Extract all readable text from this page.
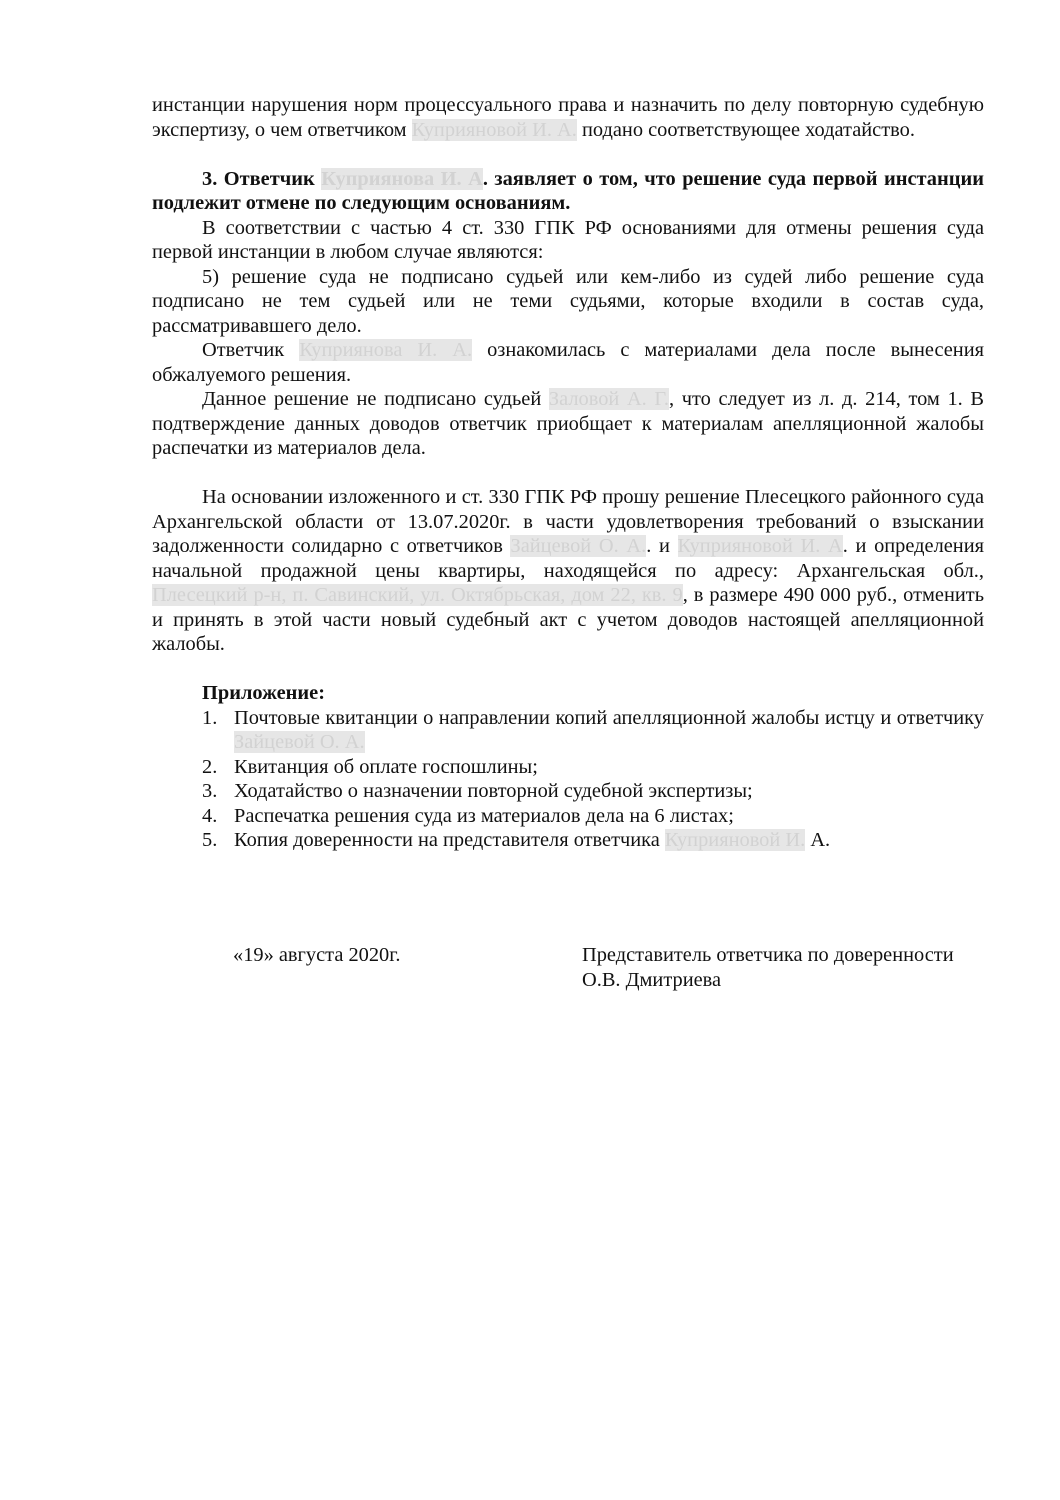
инстанции нарушения норм процессуального права и назначить по делу повторную судебную экспертизу, о чем ответчиком Куприяновой И. А. подано соответствующее ходатайство.

3. Ответчик Куприянова И. А. заявляет о том, что решение суда первой инстанции подлежит отмене по следующим основаниям.

В соответствии с частью 4 ст. 330 ГПК РФ основаниями для отмены решения суда первой инстанции в любом случае являются:

5) решение суда не подписано судьей или кем-либо из судей либо решение суда подписано не тем судьей или не теми судьями, которые входили в состав суда, рассматривавшего дело.

Ответчик Куприянова И. А. ознакомилась с материалами дела после вынесения обжалуемого решения.

Данное решение не подписано судьей Заловой А. Г., что следует из л. д. 214, том 1. В подтверждение данных доводов ответчик приобщает к материалам апелляционной жалобы распечатки из материалов дела.

На основании изложенного и ст. 330 ГПК РФ прошу решение Плесецкого районного суда Архангельской области от 13.07.2020г. в части удовлетворения требований о взыскании задолженности солидарно с ответчиков Зайцевой О. А.. и Куприяновой И. А. и определения начальной продажной цены квартиры, находящейся по адресу: Архангельская обл., Плесецкий р-н, п. Савинский, ул. Октябрьская, дом 22, кв. 9, в размере 490 000 руб., отменить и принять в этой части новый судебный акт с учетом доводов настоящей апелляционной жалобы.

Приложение:

1. Почтовые квитанции о направлении копий апелляционной жалобы истцу и ответчику Зайцевой О. А.
2. Квитанция об оплате госпошлины;
3. Ходатайство о назначении повторной судебной экспертизы;
4. Распечатка решения суда из материалов дела на 6 листах;
5. Копия доверенности на представителя ответчика Куприяновой И. А.
«19» августа 2020г.	Представитель ответчика по доверенности
О.В. Дмитриева
